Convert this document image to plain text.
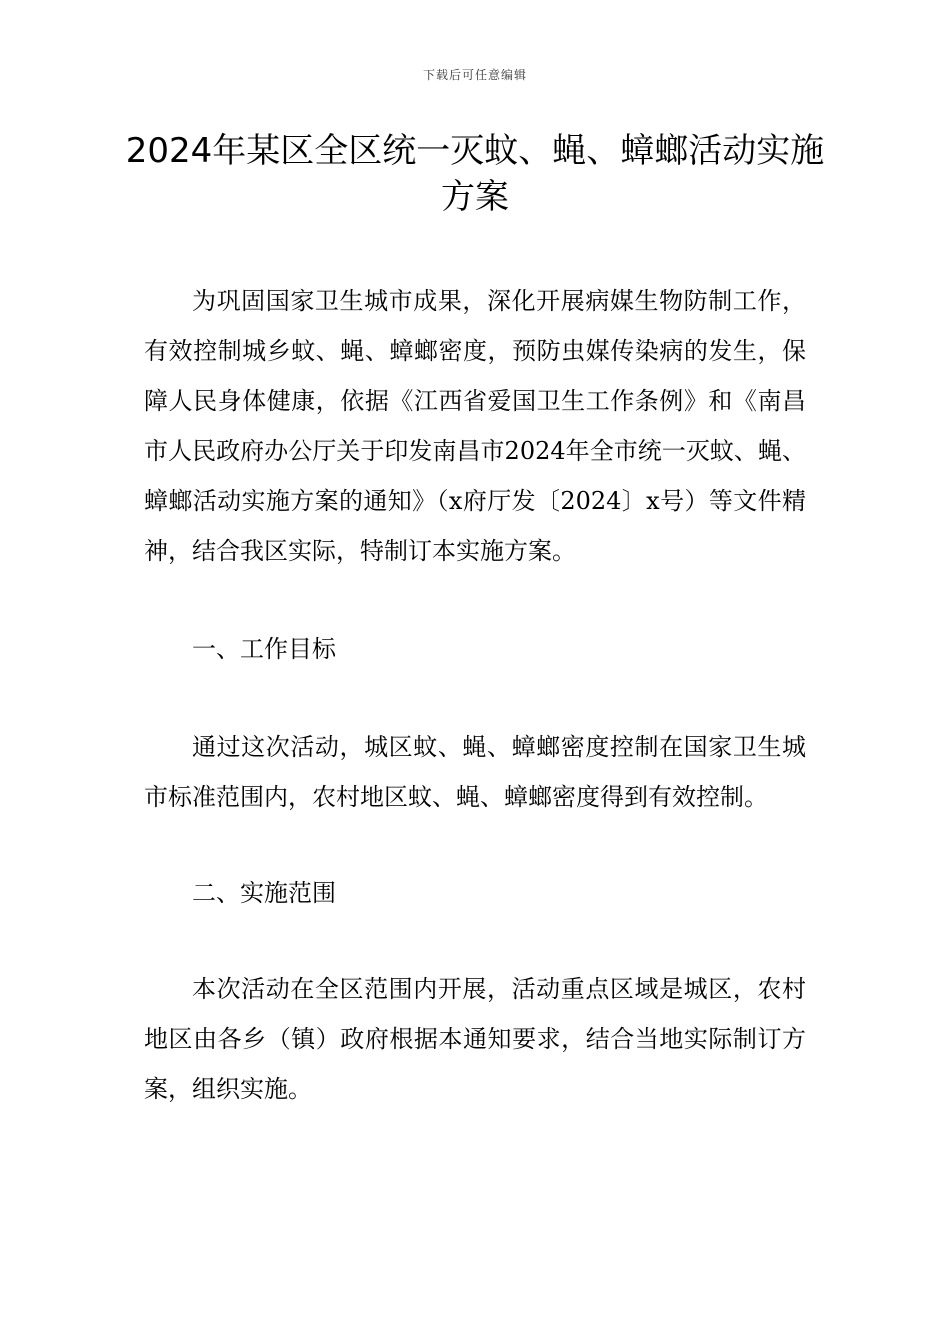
下载后可任意编辑
2024年某区全区统一灭蚊、蝇、蟑螂活动实施方案

为巩固国家卫生城市成果，深化开展病媒生物防制工作，有效控制城乡蚊、蝇、蟑螂密度，预防虫媒传染病的发生，保障人民身体健康，依据《江西省爱国卫生工作条例》和《南昌市人民政府办公厅关于印发南昌市2024年全市统一灭蚊、蝇、蟑螂活动实施方案的通知》（x府厅发〔2024〕x号）等文件精神，结合我区实际，特制订本实施方案。

一、工作目标

通过这次活动，城区蚊、蝇、蟑螂密度控制在国家卫生城市标准范围内，农村地区蚊、蝇、蟑螂密度得到有效控制。

二、实施范围

本次活动在全区范围内开展，活动重点区域是城区，农村地区由各乡（镇）政府根据本通知要求，结合当地实际制订方案，组织实施。
